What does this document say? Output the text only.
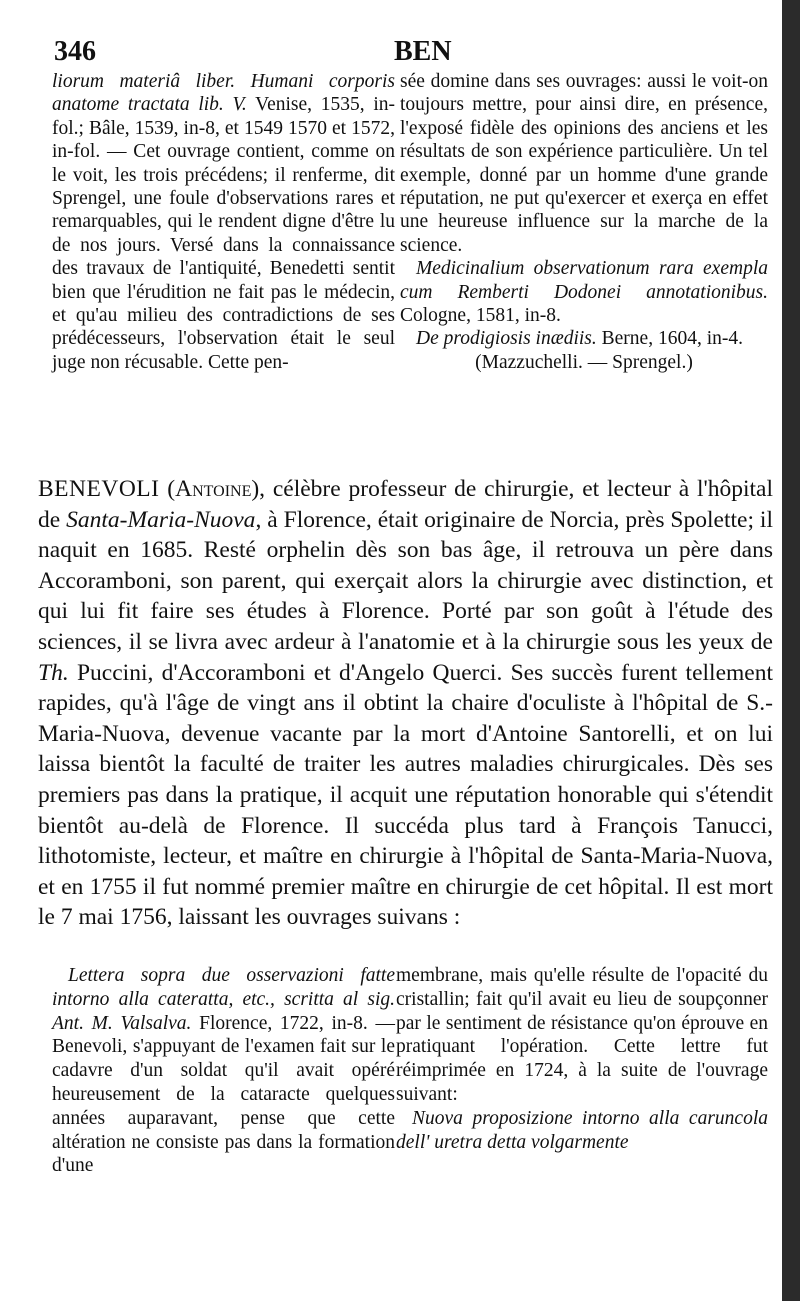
346	BEN

liorum materiâ liber. Humani corporis anatome tractata lib. V. Venise, 1535, in-fol.; Bâle, 1539, in-8, et 1549 1570 et 1572, in-fol. — Cet ouvrage contient, comme on le voit, les trois précédens; il renferme, dit Sprengel, une foule d'observations rares et remarquables, qui le rendent digne d'être lu de nos jours. Versé dans la connaissance des travaux de l'antiquité, Benedetti sentit bien que l'érudition ne fait pas le médecin, et qu'au milieu des contradictions de ses prédécesseurs, l'observation était le seul juge non récusable. Cette pen-

sée domine dans ses ouvrages: aussi le voit-on toujours mettre, pour ainsi dire, en présence, l'exposé fidèle des opinions des anciens et les résultats de son expérience particulière. Un tel exemple, donné par un homme d'une grande réputation, ne put qu'exercer et exerça en effet une heureuse influence sur la marche de la science.

Medicinalium observationum rara exempla cum Remberti Dodonei annotationibus. Cologne, 1581, in-8.

De prodigiosis inædiis. Berne, 1604, in-4.

(Mazzuchelli. — Sprengel.)

BENEVOLI (Antoine), célèbre professeur de chirurgie, et lecteur à l'hôpital de Santa-Maria-Nuova, à Florence, était originaire de Norcia, près Spolette; il naquit en 1685. Resté orphelin dès son bas âge, il retrouva un père dans Accoramboni, son parent, qui exerçait alors la chirurgie avec distinction, et qui lui fit faire ses études à Florence. Porté par son goût à l'étude des sciences, il se livra avec ardeur à l'anatomie et à la chirurgie sous les yeux de Th. Puccini, d'Accoramboni et d'Angelo Querci. Ses succès furent tellement rapides, qu'à l'âge de vingt ans il obtint la chaire d'oculiste à l'hôpital de S.-Maria-Nuova, devenue vacante par la mort d'Antoine Santorelli, et on lui laissa bientôt la faculté de traiter les autres maladies chirurgicales. Dès ses premiers pas dans la pratique, il acquit une réputation honorable qui s'étendit bientôt au-delà de Florence. Il succéda plus tard à François Tanucci, lithotomiste, lecteur, et maître en chirurgie à l'hôpital de Santa-Maria-Nuova, et en 1755 il fut nommé premier maître en chirurgie de cet hôpital. Il est mort le 7 mai 1756, laissant les ouvrages suivans :

Lettera sopra due osservazioni fatte intorno alla cateratta, etc., scritta al sig. Ant. M. Valsalva. Florence, 1722, in-8. — Benevoli, s'appuyant de l'examen fait sur le cadavre d'un soldat qu'il avait opéré heureusement de la cataracte quelques années auparavant, pense que cette altération ne consiste pas dans la formation d'une

membrane, mais qu'elle résulte de l'opacité du cristallin; fait qu'il avait eu lieu de soupçonner par le sentiment de résistance qu'on éprouve en pratiquant l'opération. Cette lettre fut réimprimée en 1724, à la suite de l'ouvrage suivant:

Nuova proposizione intorno alla caruncola dell' uretra detta volgarmente
